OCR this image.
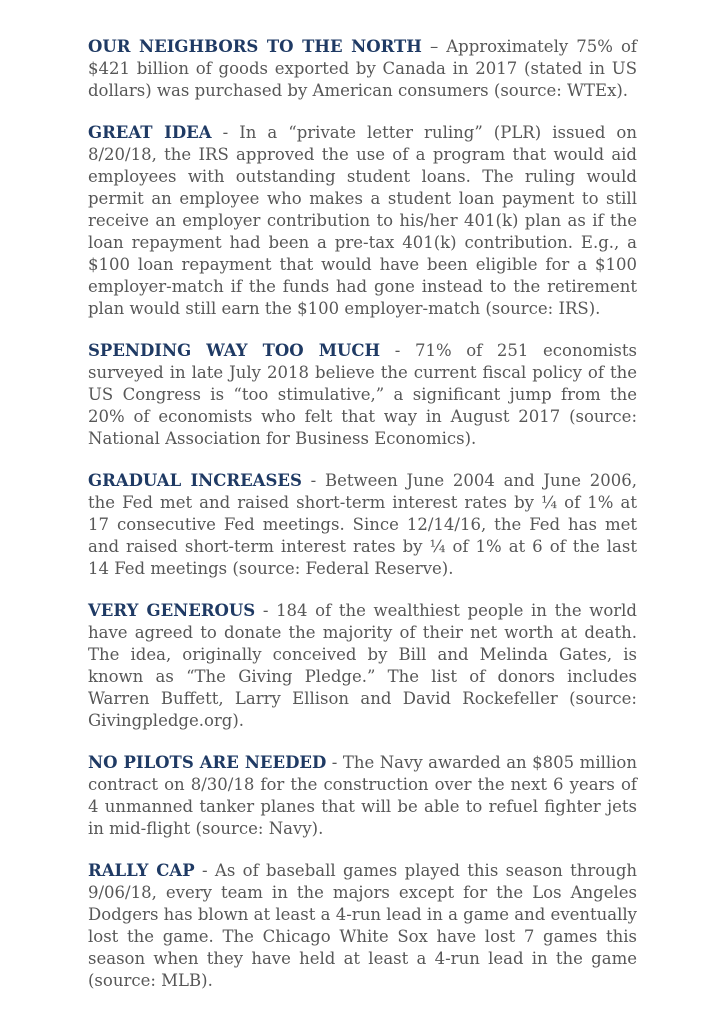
OUR NEIGHBORS TO THE NORTH – Approximately 75% of $421 billion of goods exported by Canada in 2017 (stated in US dollars) was purchased by American consumers (source: WTEx).

GREAT IDEA - In a “private letter ruling” (PLR) issued on 8/20/18, the IRS approved the use of a program that would aid employees with outstanding student loans. The ruling would permit an employee who makes a student loan payment to still receive an employer contribution to his/her 401(k) plan as if the loan repayment had been a pre-tax 401(k) contribution. E.g., a $100 loan repayment that would have been eligible for a $100 employer-match if the funds had gone instead to the retirement plan would still earn the $100 employer-match (source: IRS).

SPENDING WAY TOO MUCH - 71% of 251 economists surveyed in late July 2018 believe the current fiscal policy of the US Congress is “too stimulative,” a significant jump from the 20% of economists who felt that way in August 2017 (source: National Association for Business Economics).

GRADUAL INCREASES - Between June 2004 and June 2006, the Fed met and raised short-term interest rates by ¼ of 1% at 17 consecutive Fed meetings. Since 12/14/16, the Fed has met and raised short-term interest rates by ¼ of 1% at 6 of the last 14 Fed meetings (source: Federal Reserve).

VERY GENEROUS - 184 of the wealthiest people in the world have agreed to donate the majority of their net worth at death. The idea, originally conceived by Bill and Melinda Gates, is known as “The Giving Pledge.” The list of donors includes Warren Buffett, Larry Ellison and David Rockefeller (source: Givingpledge.org).

NO PILOTS ARE NEEDED - The Navy awarded an $805 million contract on 8/30/18 for the construction over the next 6 years of 4 unmanned tanker planes that will be able to refuel fighter jets in mid-flight (source: Navy).

RALLY CAP - As of baseball games played this season through 9/06/18, every team in the majors except for the Los Angeles Dodgers has blown at least a 4-run lead in a game and eventually lost the game. The Chicago White Sox have lost 7 games this season when they have held at least a 4-run lead in the game (source: MLB).
